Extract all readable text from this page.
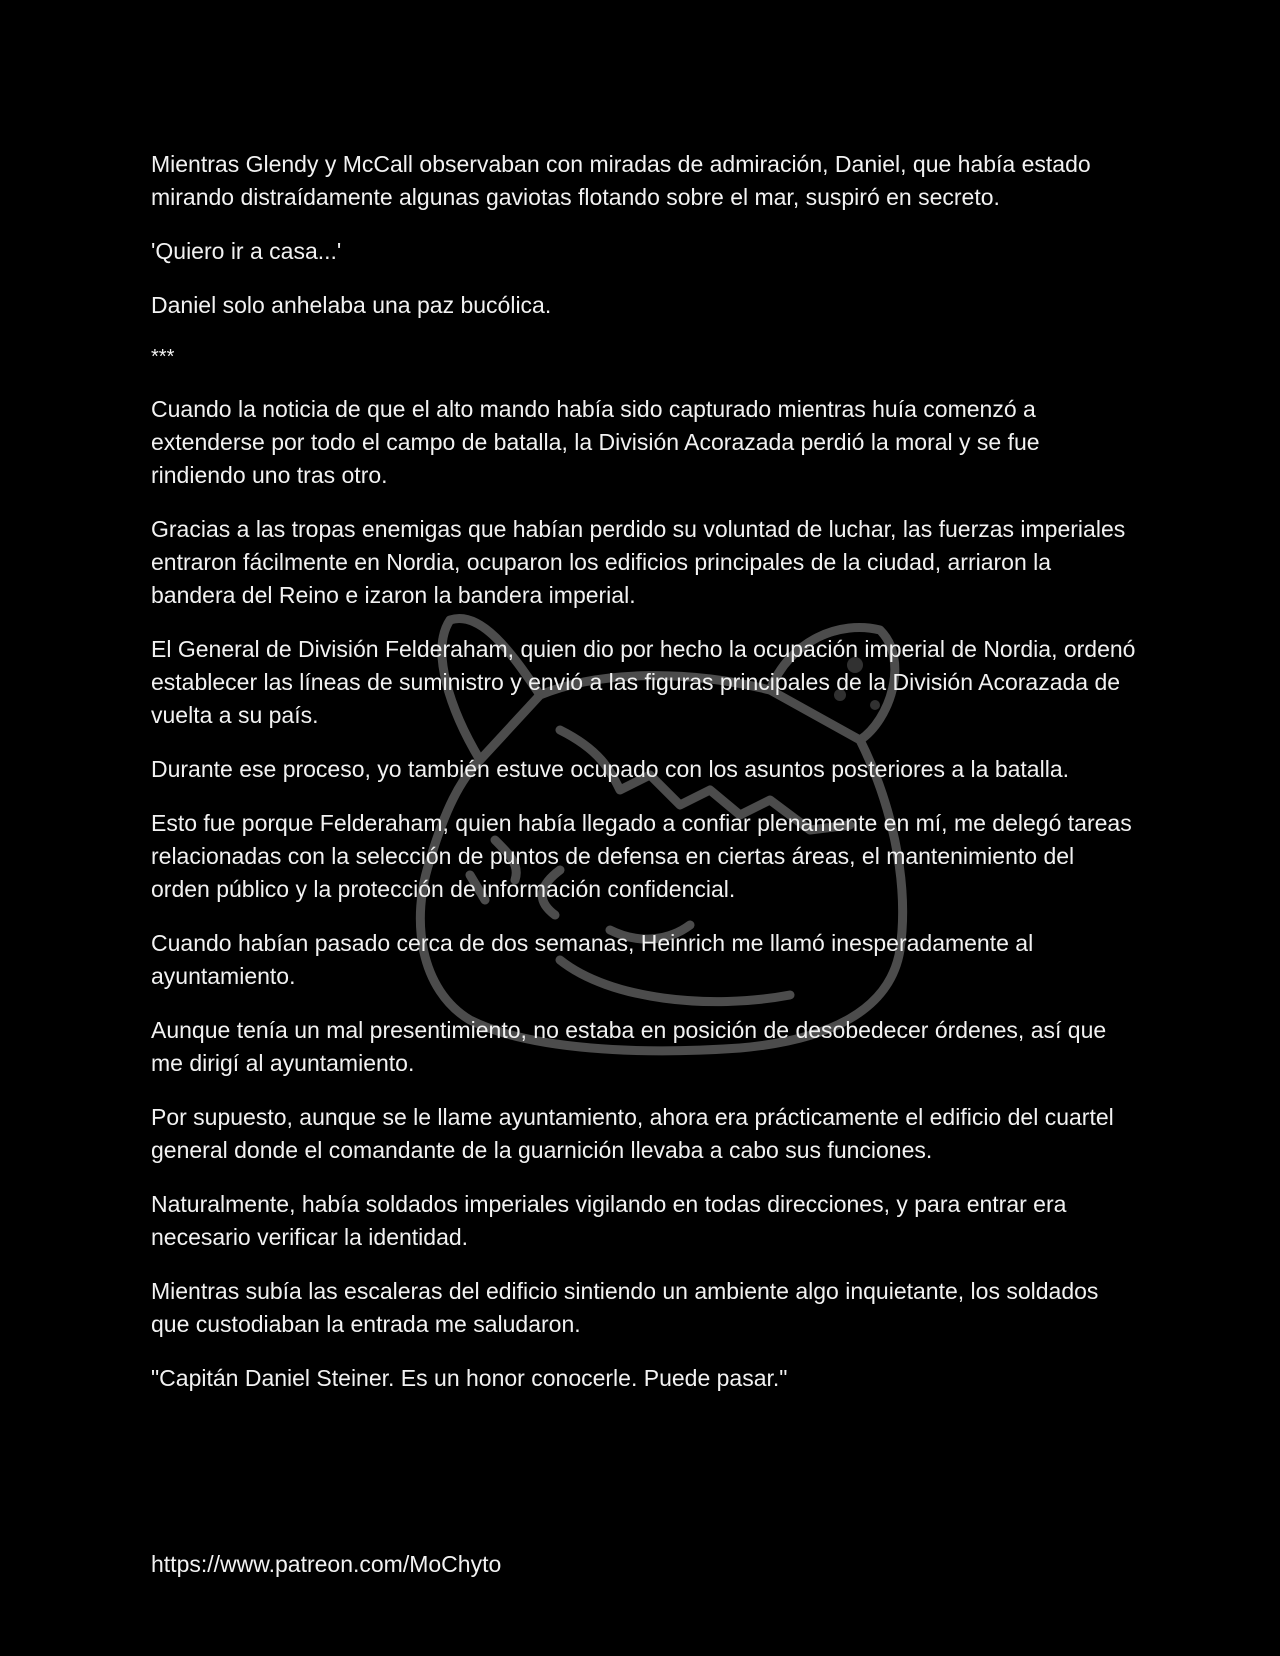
Mientras Glendy y McCall observaban con miradas de admiración, Daniel, que había estado mirando distraídamente algunas gaviotas flotando sobre el mar, suspiró en secreto.

'Quiero ir a casa...'

Daniel solo anhelaba una paz bucólica.

***

Cuando la noticia de que el alto mando había sido capturado mientras huía comenzó a extenderse por todo el campo de batalla, la División Acorazada perdió la moral y se fue rindiendo uno tras otro.

Gracias a las tropas enemigas que habían perdido su voluntad de luchar, las fuerzas imperiales entraron fácilmente en Nordia, ocuparon los edificios principales de la ciudad, arriaron la bandera del Reino e izaron la bandera imperial.

El General de División Felderaham, quien dio por hecho la ocupación imperial de Nordia, ordenó establecer las líneas de suministro y envió a las figuras principales de la División Acorazada de vuelta a su país.

Durante ese proceso, yo también estuve ocupado con los asuntos posteriores a la batalla.

Esto fue porque Felderaham, quien había llegado a confiar plenamente en mí, me delegó tareas relacionadas con la selección de puntos de defensa en ciertas áreas, el mantenimiento del orden público y la protección de información confidencial.

Cuando habían pasado cerca de dos semanas, Heinrich me llamó inesperadamente al ayuntamiento.

Aunque tenía un mal presentimiento, no estaba en posición de desobedecer órdenes, así que me dirigí al ayuntamiento.

Por supuesto, aunque se le llame ayuntamiento, ahora era prácticamente el edificio del cuartel general donde el comandante de la guarnición llevaba a cabo sus funciones.

Naturalmente, había soldados imperiales vigilando en todas direcciones, y para entrar era necesario verificar la identidad.

Mientras subía las escaleras del edificio sintiendo un ambiente algo inquietante, los soldados que custodiaban la entrada me saludaron.

"Capitán Daniel Steiner. Es un honor conocerle. Puede pasar."

https://www.patreon.com/MoChyto
